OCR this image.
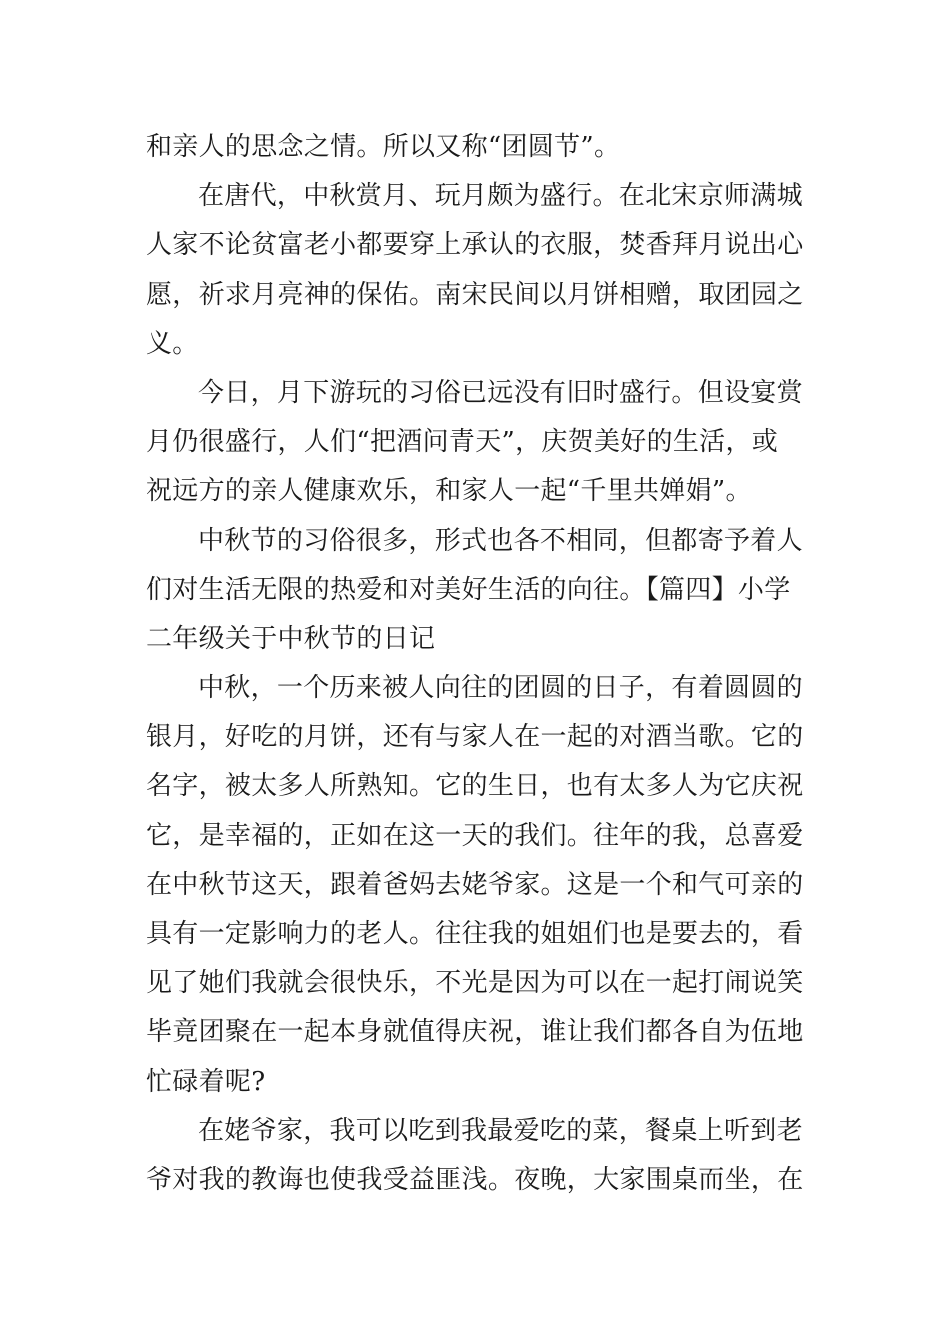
和亲人的思念之情。所以又称“团圆节”。
在唐代，中秋赏月、玩月颇为盛行。在北宋京师满城
人家不论贫富老小都要穿上承认的衣服，焚香拜月说出心
愿，祈求月亮神的保佑。南宋民间以月饼相赠，取团园之
义。
今日，月下游玩的习俗已远没有旧时盛行。但设宴赏
月仍很盛行，人们“把酒问青天”，庆贺美好的生活，或
祝远方的亲人健康欢乐，和家人一起“千里共婵娟”。
中秋节的习俗很多，形式也各不相同，但都寄予着人
们对生活无限的热爱和对美好生活的向往。【篇四】小学
二年级关于中秋节的日记
中秋，一个历来被人向往的团圆的日子，有着圆圆的
银月，好吃的月饼，还有与家人在一起的对酒当歌。它的
名字，被太多人所熟知。它的生日，也有太多人为它庆祝
它，是幸福的，正如在这一天的我们。往年的我，总喜爱
在中秋节这天，跟着爸妈去姥爷家。这是一个和气可亲的
具有一定影响力的老人。往往我的姐姐们也是要去的，看
见了她们我就会很快乐，不光是因为可以在一起打闹说笑
毕竟团聚在一起本身就值得庆祝，谁让我们都各自为伍地
忙碌着呢?
在姥爷家，我可以吃到我最爱吃的菜，餐桌上听到老
爷对我的教诲也使我受益匪浅。夜晚，大家围桌而坐，在
